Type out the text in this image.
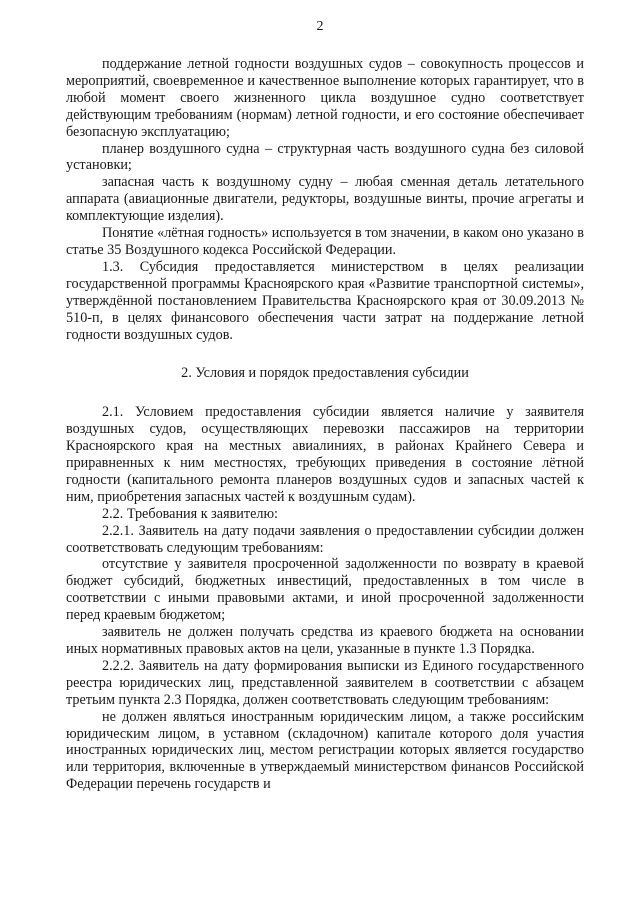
2

поддержание летной годности воздушных судов – совокупность процессов и мероприятий, своевременное и качественное выполнение которых гарантирует, что в любой момент своего жизненного цикла воздушное судно соответствует действующим требованиям (нормам) летной годности, и его состояние обеспечивает безопасную эксплуатацию;

планер воздушного судна – структурная часть воздушного судна без силовой установки;

запасная часть к воздушному судну – любая сменная деталь летательного аппарата (авиационные двигатели, редукторы, воздушные винты, прочие агрегаты и комплектующие изделия).

Понятие «лётная годность» используется в том значении, в каком оно указано в статье 35 Воздушного кодекса Российской Федерации.

1.3. Субсидия предоставляется министерством в целях реализации государственной программы Красноярского края «Развитие транспортной системы», утверждённой постановлением Правительства Красноярского края от 30.09.2013 № 510-п, в целях финансового обеспечения части затрат на поддержание летной годности воздушных судов.

2. Условия и порядок предоставления субсидии

2.1. Условием предоставления субсидии является наличие у заявителя воздушных судов, осуществляющих перевозки пассажиров на территории Красноярского края на местных авиалиниях, в районах Крайнего Севера и приравненных к ним местностях, требующих приведения в состояние лётной годности (капитального ремонта планеров воздушных судов и запасных частей к ним, приобретения запасных частей к воздушным судам).

2.2. Требования к заявителю:

2.2.1. Заявитель на дату подачи заявления о предоставлении субсидии должен соответствовать следующим требованиям:

отсутствие у заявителя просроченной задолженности по возврату в краевой бюджет субсидий, бюджетных инвестиций, предоставленных в том числе в соответствии с иными правовыми актами, и иной просроченной задолженности перед краевым бюджетом;

заявитель не должен получать средства из краевого бюджета на основании иных нормативных правовых актов на цели, указанные в пункте 1.3 Порядка.

2.2.2. Заявитель на дату формирования выписки из Единого государственного реестра юридических лиц, представленной заявителем в соответствии с абзацем третьим пункта 2.3 Порядка, должен соответствовать следующим требованиям:

не должен являться иностранным юридическим лицом, а также российским юридическим лицом, в уставном (складочном) капитале которого доля участия иностранных юридических лиц, местом регистрации которых является государство или территория, включенные в утверждаемый министерством финансов Российской Федерации перечень государств и
